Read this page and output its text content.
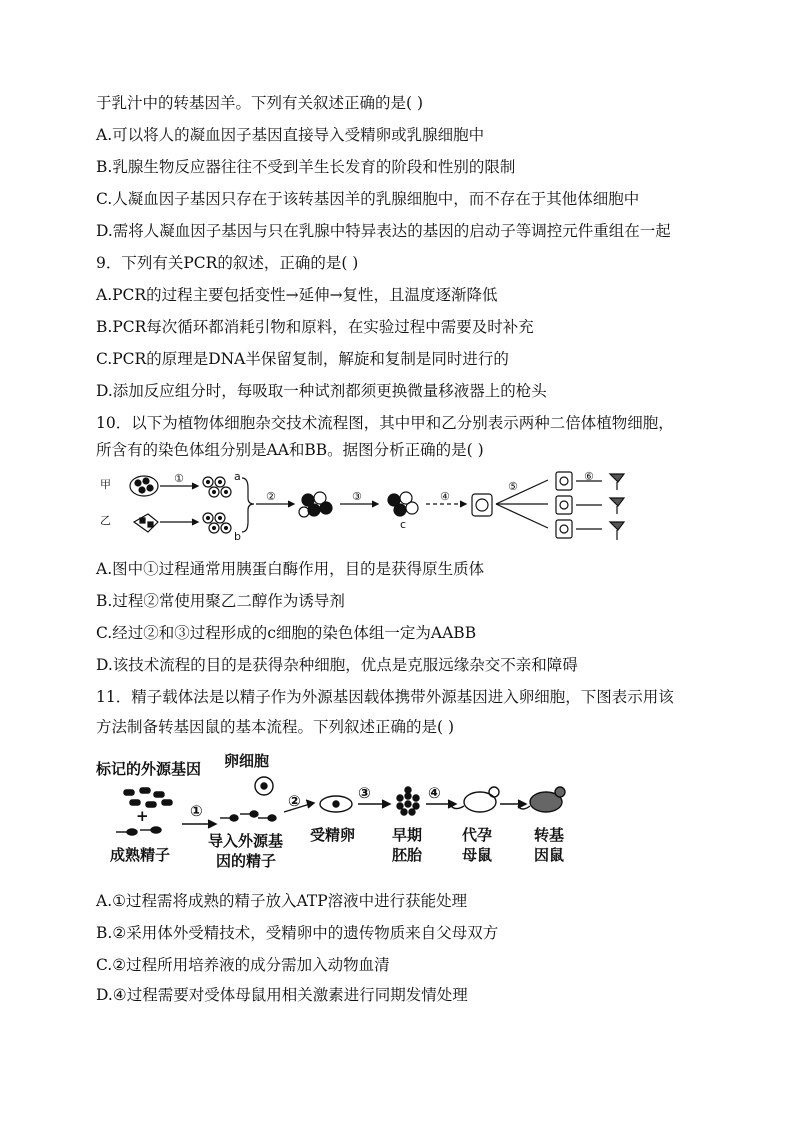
于乳汁中的转基因羊。下列有关叙述正确的是( )
A.可以将人的凝血因子基因直接导入受精卵或乳腺细胞中
B.乳腺生物反应器往往不受到羊生长发育的阶段和性别的限制
C.人凝血因子基因只存在于该转基因羊的乳腺细胞中，而不存在于其他体细胞中
D.需将人凝血因子基因与只在乳腺中特异表达的基因的启动子等调控元件重组在一起
9．下列有关PCR的叙述，正确的是( )
A.PCR的过程主要包括变性→延伸→复性，且温度逐渐降低
B.PCR每次循环都消耗引物和原料，在实验过程中需要及时补充
C.PCR的原理是DNA半保留复制，解旋和复制是同时进行的
D.添加反应组分时，每吸取一种试剂都须更换微量移液器上的枪头
10．以下为植物体细胞杂交技术流程图，其中甲和乙分别表示两种二倍体植物细胞，
所含有的染色体组分别是AA和BB。据图分析正确的是( )
甲
乙
a
b
c
①
②	③	④
⑤
⑥
A.图中①过程通常用胰蛋白酶作用，目的是获得原生质体
B.过程②常使用聚乙二醇作为诱导剂
C.经过②和③过程形成的c细胞的染色体组一定为AABB
D.该技术流程的目的是获得杂种细胞，优点是克服远缘杂交不亲和障碍
11．精子载体法是以精子作为外源基因载体携带外源基因进入卵细胞，下图表示用该
方法制备转基因鼠的基本流程。下列叙述正确的是( )
标记的外源基因 卵细胞
+
成熟精子
导入外源基
因的精子
受精卵 早期
胚胎
代孕
母鼠
转基
因鼠
①
②	③	④
A.①过程需将成熟的精子放入ATP溶液中进行获能处理
B.②采用体外受精技术，受精卵中的遗传物质来自父母双方
C.②过程所用培养液的成分需加入动物血清
D.④过程需要对受体母鼠用相关激素进行同期发情处理
